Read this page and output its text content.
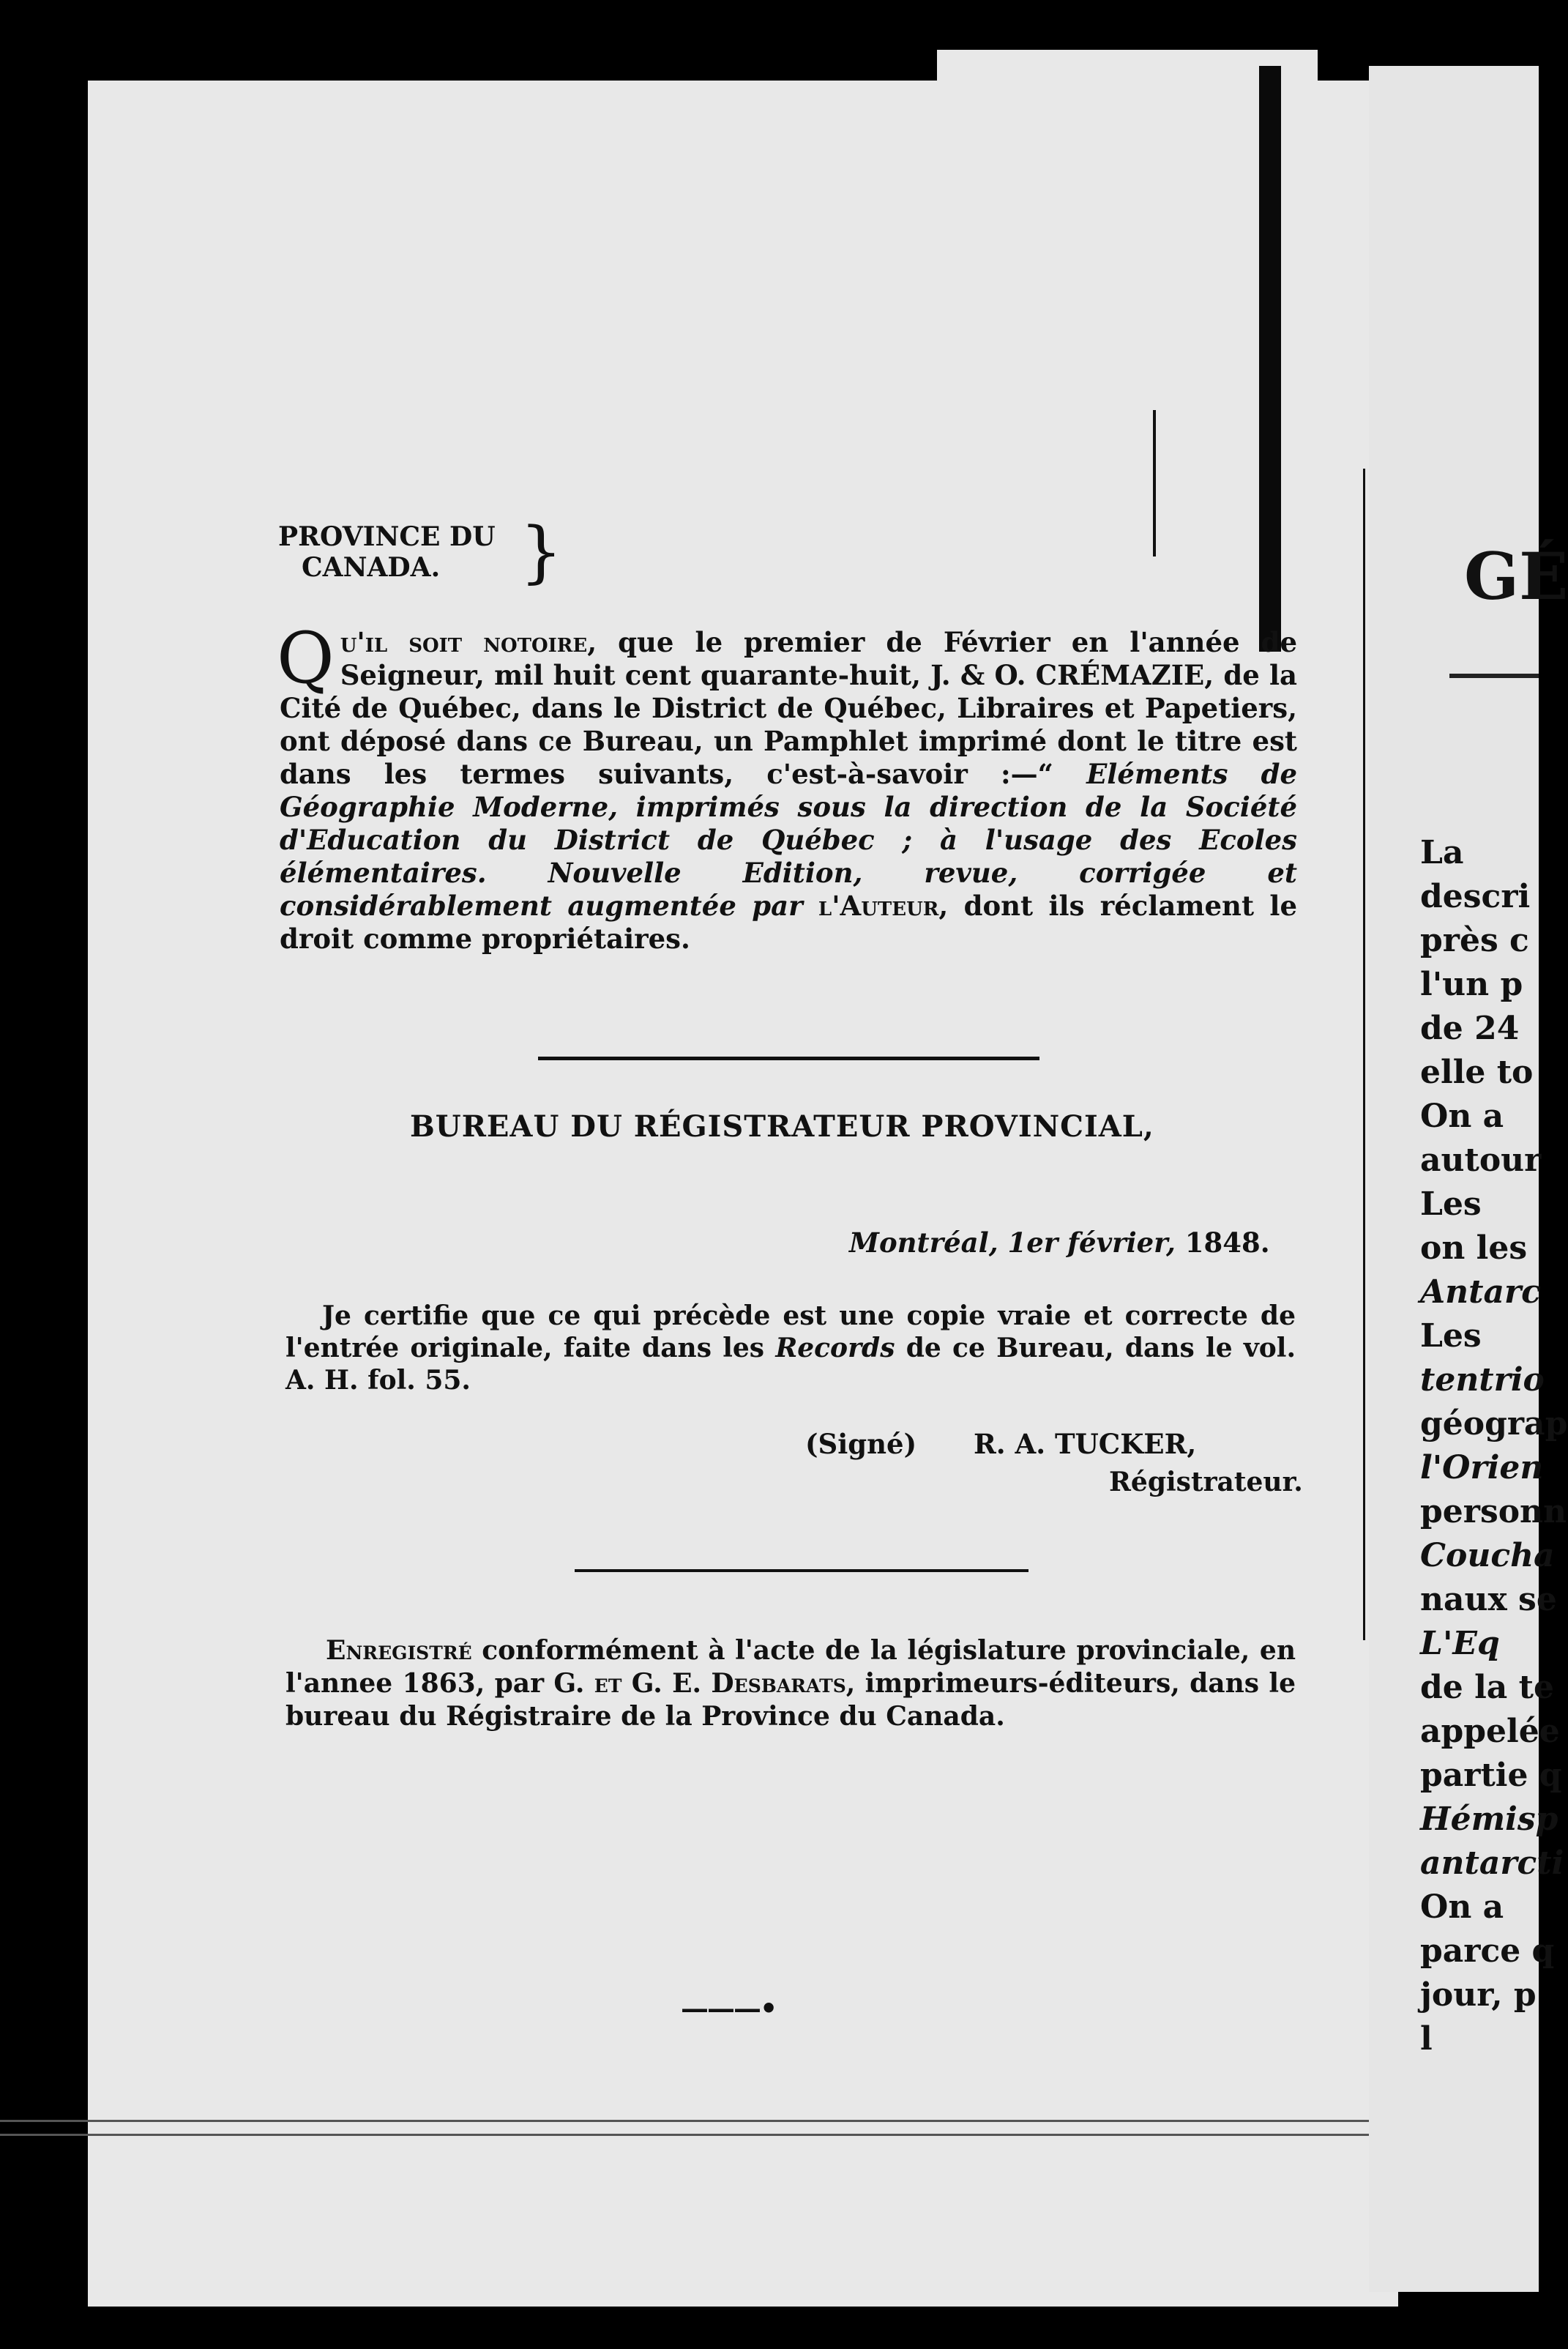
PROVINCE DU
CANADA.	}
Q u'il soit notoire, que le premier de Février en l'année de Seigneur, mil huit cent quarante-huit, J. & O. CRÉMAZIE, de la Cité de Québec, dans le District de Québec, Libraires et Papetiers, ont déposé dans ce Bureau, un Pamphlet imprimé dont le titre est dans les termes suivants, c'est-à-savoir :—“ Eléments de Géographie Moderne, imprimés sous la direction de la Société d'Education du District de Québec ; à l'usage des Ecoles élémentaires. Nouvelle Edition, revue, corrigée et considérablement augmentée par l'Auteur, dont ils réclament le droit comme propriétaires.
BUREAU DU RÉGISTRATEUR PROVINCIAL,
Montréal, 1er février, 1848.
Je certifie que ce qui précède est une copie vraie et correcte de l'entrée originale, faite dans les Records de ce Bureau, dans le vol. A. H. fol. 55.
(Signé) R. A. TUCKER,
Régistrateur.
Enregistré conformément à l'acte de la législature provinciale, en l'annee 1863, par G. et G. E. Desbarats, imprimeurs-éditeurs, dans le bureau du Régistraire de la Province du Canada.
———•
GÉ
La
descri
près c
l'un p
de 24
elle to
On a
autour
Les
on les
Antarc
Les
tentrio
géograp
l'Orien
personn
Coucha
naux se
L'Eq
de la te
appelée
partie q
Hémisp
antarcti
On a
parce q
jour, p
l
